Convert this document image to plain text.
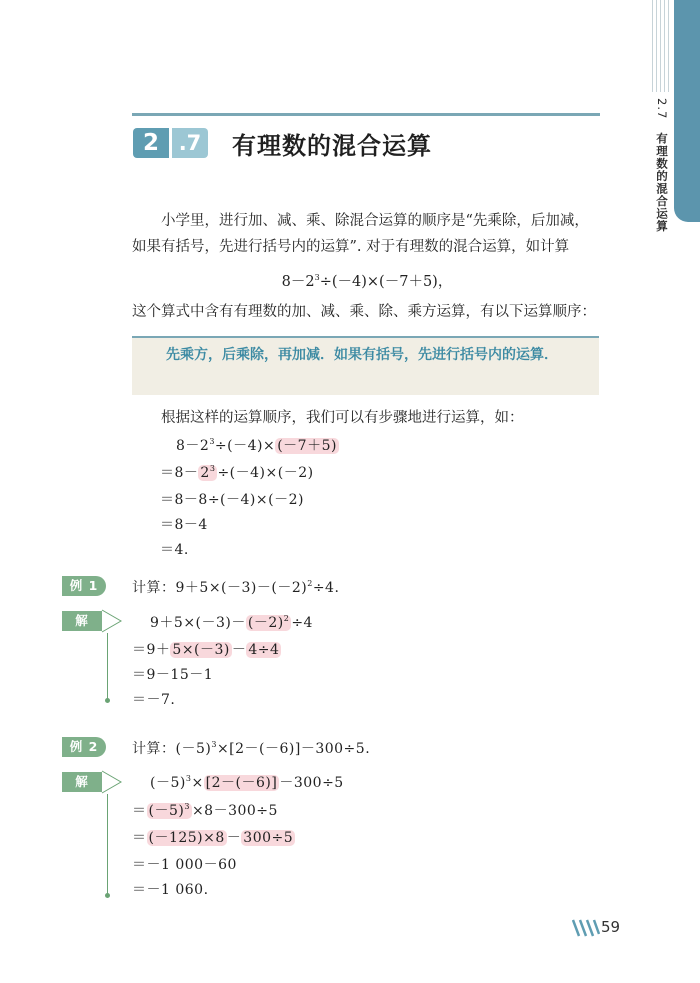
2.7 有理数的混合运算
2 .7 有理数的混合运算
小学里，进行加、减、乘、除混合运算的顺序是“先乘除，后加减，如果有括号，先进行括号内的运算”. 对于有理数的混合运算，如计算
$8-2^3\div(-4)\times(-7+5)$，
这个算式中含有有理数的加、减、乘、除、乘方运算，有以下运算顺序：
先乘方，后乘除，再加减．如果有括号，先进行括号内的运算．
根据这样的运算顺序，我们可以有步骤地进行运算，如：
$8-2^3\div(-4)\times (-7+5)$
$=8- 2^3 \div(-4)\times(-2)$
＝8－8÷(－4)×(－2)
＝8－4
＝4.
例 1	计算：$9+5\times(-3)-(-2)^2\div 4$.
解	$9+5\times(-3)- (-2)^2 \div 4$
＝9＋ 5×(－3) － 4÷4
＝9－15－1
＝－7.
例 2	计算：$(-5)^3\times[2-(-6)]-300\div 5$.
解	$(-5)^3\times [2-(-6)] -300\div 5$
＝ $(-5)^3 \times 8-300\div 5$
＝ (－125)×8 － 300÷5
＝－1 000－60
＝－1 060.
59
